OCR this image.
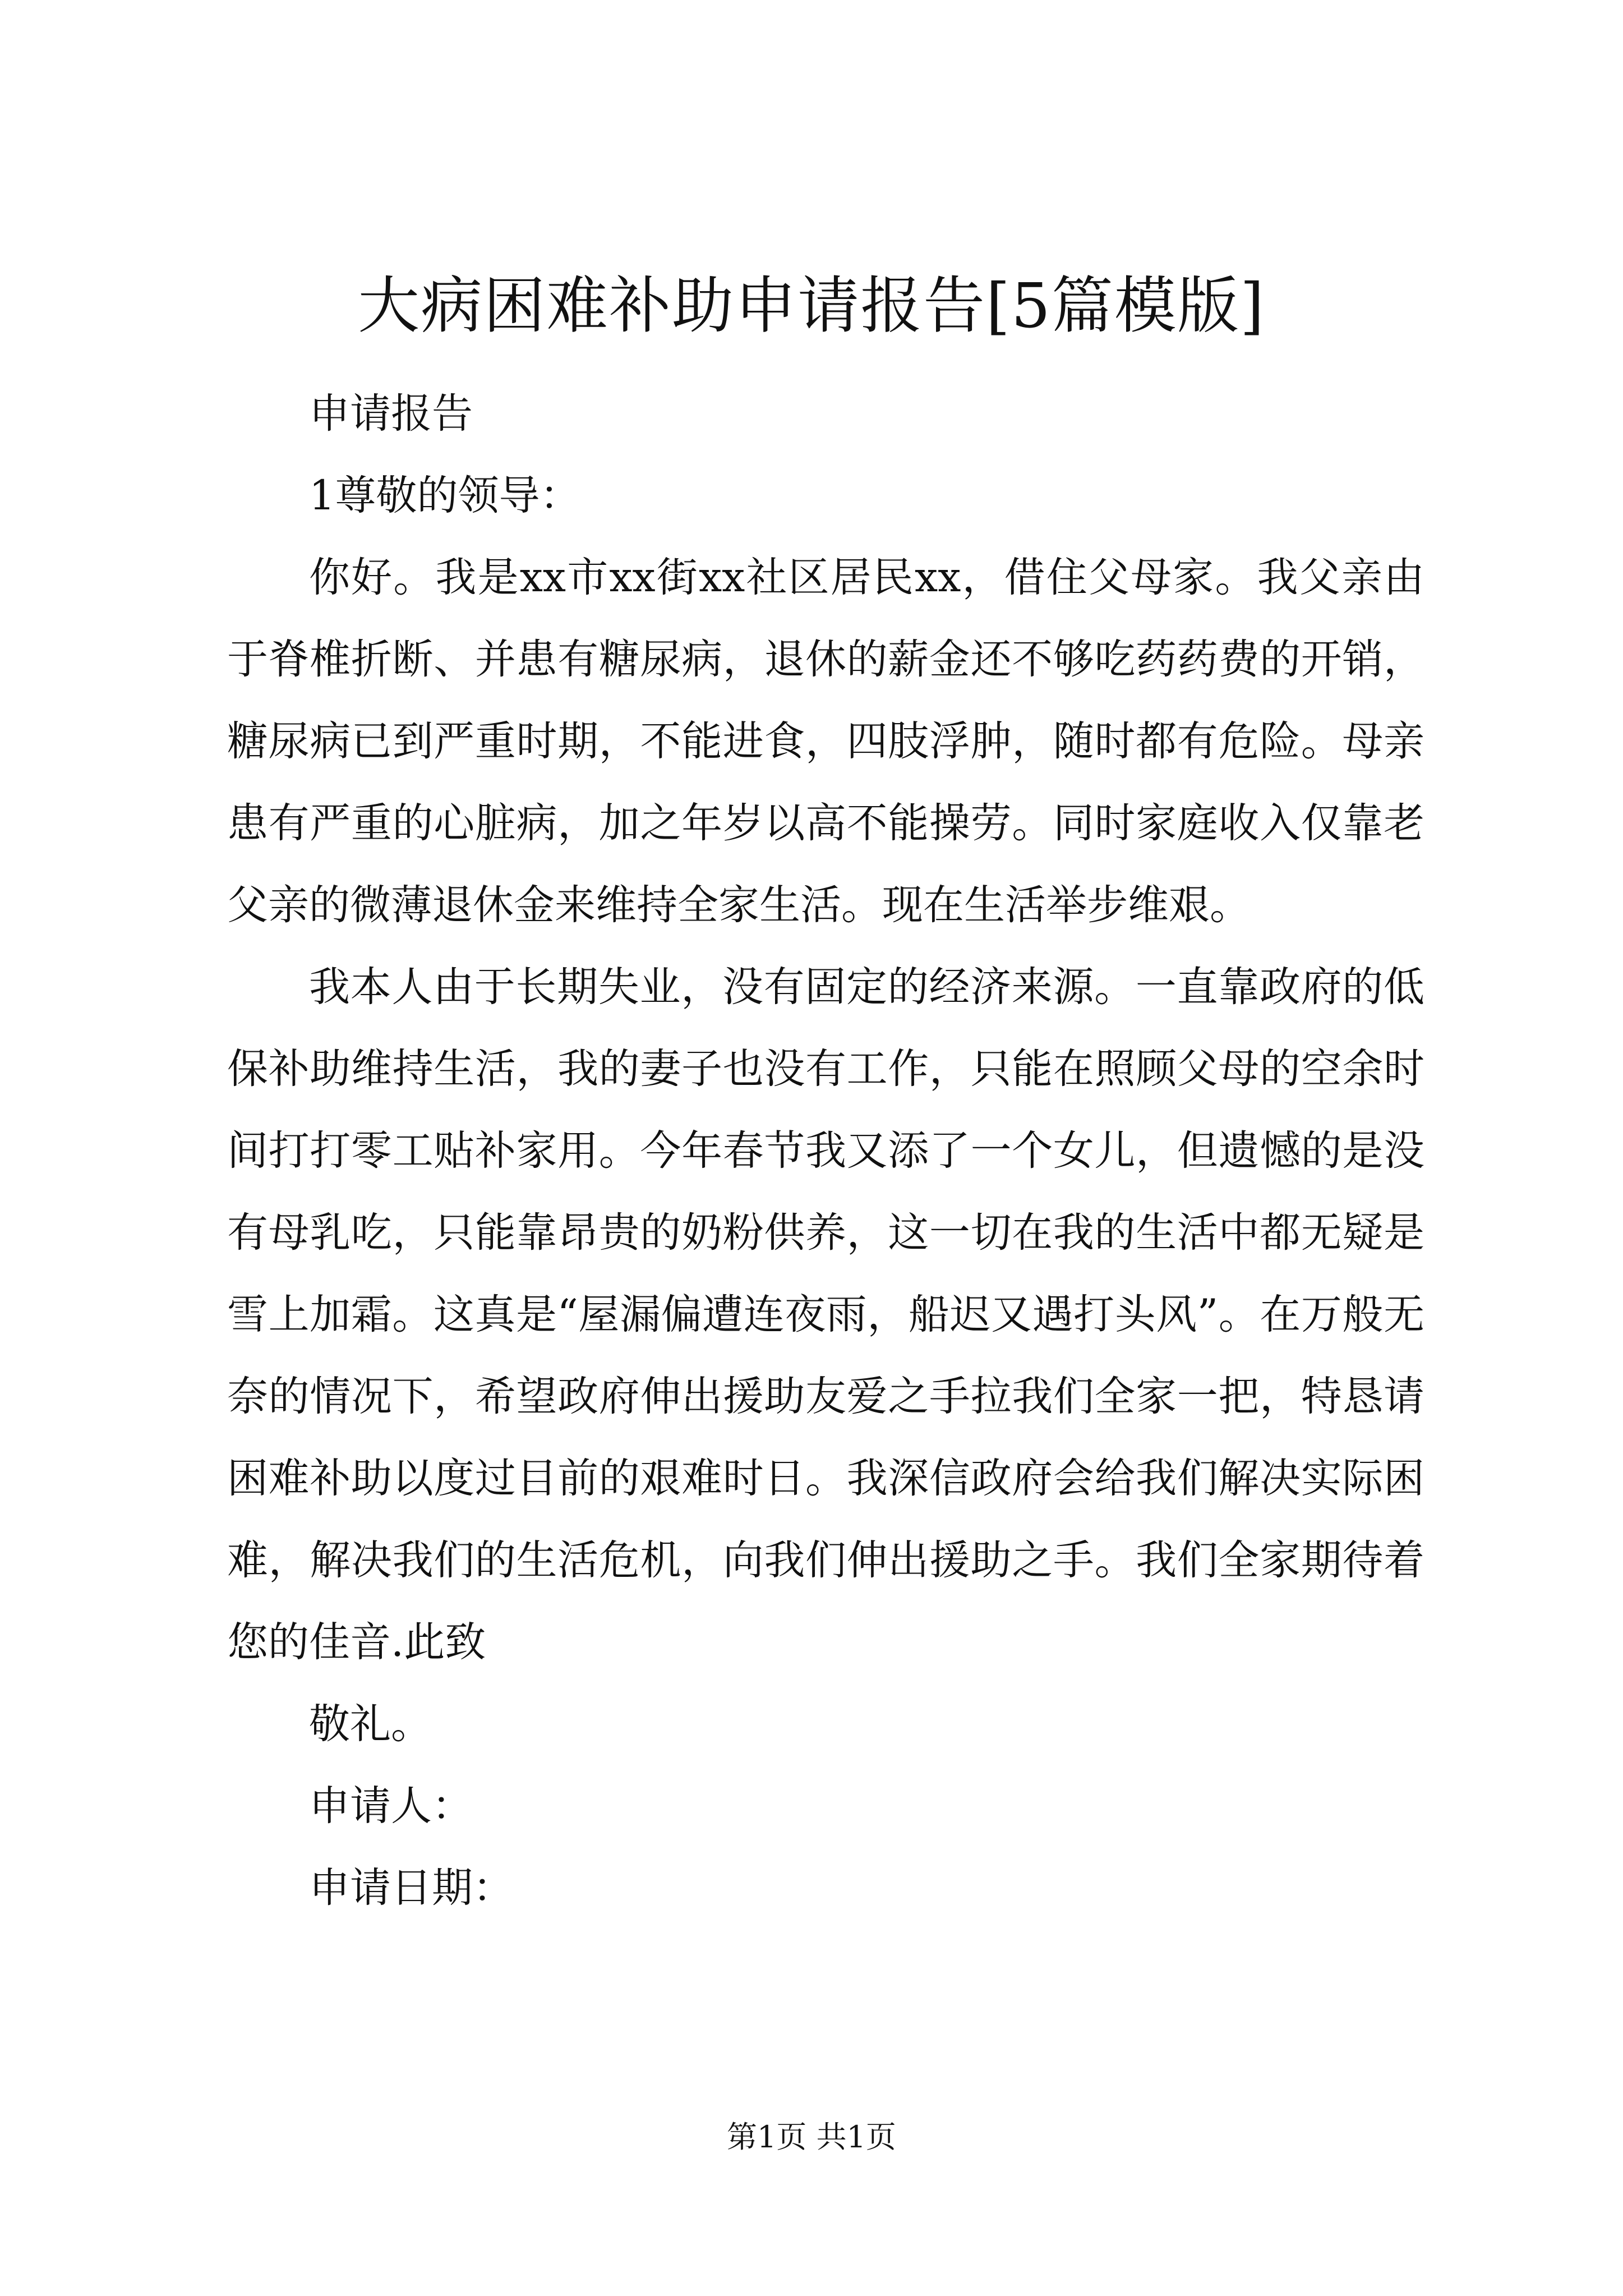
大病困难补助申请报告[5篇模版]

申请报告

1尊敬的领导：

你好。我是xx市xx街xx社区居民xx，借住父母家。我父亲由于脊椎折断、并患有糖尿病，退休的薪金还不够吃药药费的开销，糖尿病已到严重时期，不能进食，四肢浮肿，随时都有危险。母亲患有严重的心脏病，加之年岁以高不能操劳。同时家庭收入仅靠老父亲的微薄退休金来维持全家生活。现在生活举步维艰。

我本人由于长期失业，没有固定的经济来源。一直靠政府的低保补助维持生活，我的妻子也没有工作，只能在照顾父母的空余时间打打零工贴补家用。今年春节我又添了一个女儿，但遗憾的是没有母乳吃，只能靠昂贵的奶粉供养，这一切在我的生活中都无疑是雪上加霜。这真是“屋漏偏遭连夜雨，船迟又遇打头风”。在万般无奈的情况下，希望政府伸出援助友爱之手拉我们全家一把，特恳请困难补助以度过目前的艰难时日。我深信政府会给我们解决实际困难，解决我们的生活危机，向我们伸出援助之手。我们全家期待着您的佳音.此致

敬礼。

申请人：

申请日期：

第1页 共1页
